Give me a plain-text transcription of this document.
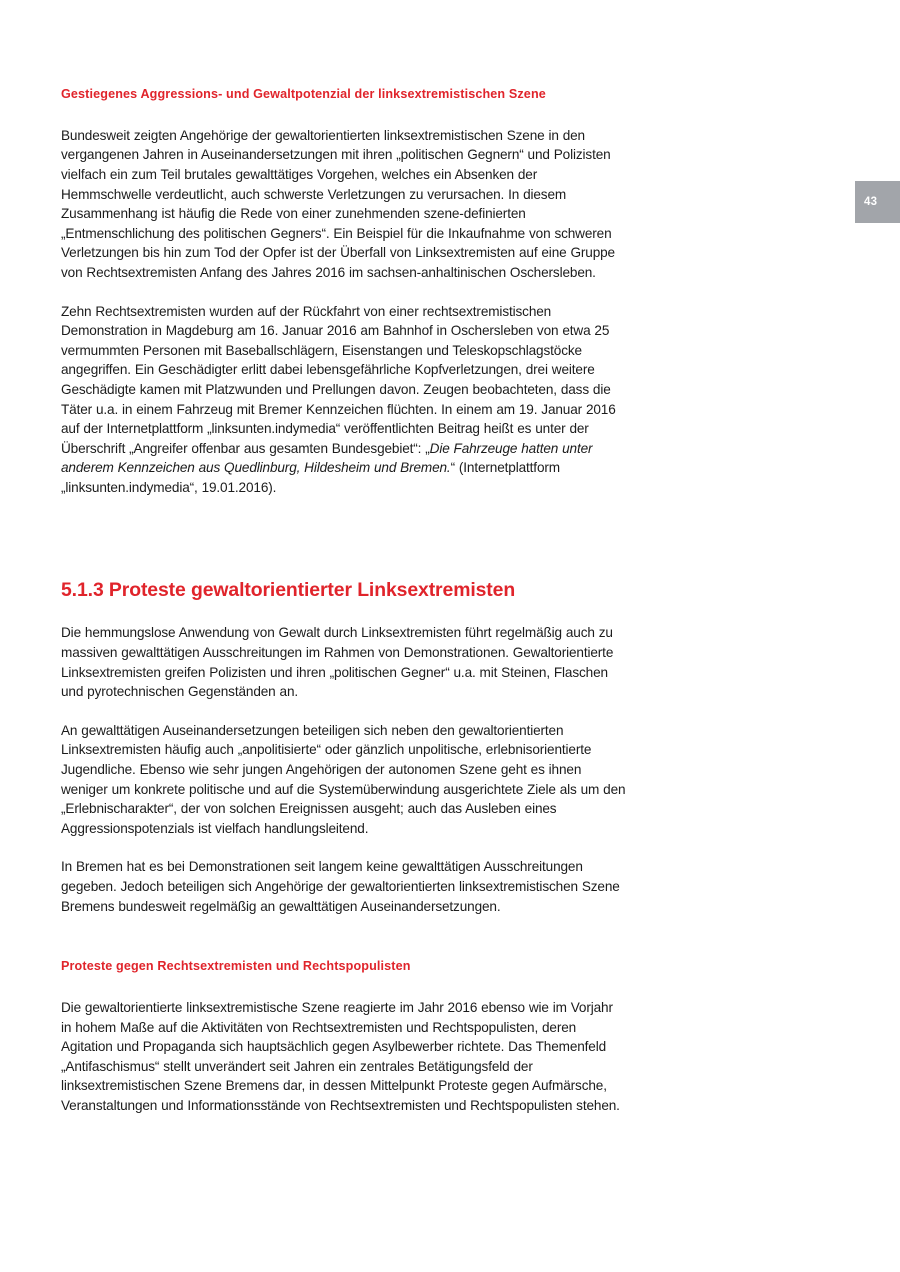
43
Gestiegenes Aggressions- und Gewaltpotenzial der linksextremistischen Szene

Bundesweit zeigten Angehörige der gewaltorientierten linksextremistischen Szene in den vergangenen Jahren in Auseinandersetzungen mit ihren „politischen Gegnern“ und Polizisten vielfach ein zum Teil brutales gewalttätiges Vorgehen, welches ein Absenken der Hemmschwelle verdeutlicht, auch schwerste Verletzungen zu verursachen. In diesem Zusammenhang ist häufig die Rede von einer zunehmenden szene-definierten „Entmenschlichung des politischen Gegners“. Ein Beispiel für die Inkaufnahme von schweren Verletzungen bis hin zum Tod der Opfer ist der Überfall von Linksextremisten auf eine Gruppe von Rechtsextremisten Anfang des Jahres 2016 im sachsen-anhaltinischen Oschersleben.

Zehn Rechtsextremisten wurden auf der Rückfahrt von einer rechtsextremistischen Demonstration in Magdeburg am 16. Januar 2016 am Bahnhof in Oschersleben von etwa 25 vermummten Personen mit Baseballschlägern, Eisenstangen und Teleskopschlagstöcke angegriffen. Ein Geschädigter erlitt dabei lebensgefährliche Kopfverletzungen, drei weitere Geschädigte kamen mit Platzwunden und Prellungen davon. Zeugen beobachteten, dass die Täter u.a. in einem Fahrzeug mit Bremer Kennzeichen flüchten. In einem am 19. Januar 2016 auf der Internetplattform „linksunten.indymedia“ veröffentlichten Beitrag heißt es unter der Überschrift „Angreifer offenbar aus gesamten Bundesgebiet“: „Die Fahrzeuge hatten unter anderem Kennzeichen aus Quedlinburg, Hildesheim und Bremen.“ (Internetplattform „linksunten.indymedia“, 19.01.2016).

5.1.3 Proteste gewaltorientierter Linksextremisten

Die hemmungslose Anwendung von Gewalt durch Linksextremisten führt regelmäßig auch zu massiven gewalttätigen Ausschreitungen im Rahmen von Demonstrationen. Gewaltorientierte Linksextremisten greifen Polizisten und ihren „politischen Gegner“ u.a. mit Steinen, Flaschen und pyrotechnischen Gegenständen an.

An gewalttätigen Auseinandersetzungen beteiligen sich neben den gewaltorientierten Linksextremisten häufig auch „anpolitisierte“ oder gänzlich unpolitische, erlebnisorientierte Jugendliche. Ebenso wie sehr jungen Angehörigen der autonomen Szene geht es ihnen weniger um konkrete politische und auf die Systemüberwindung ausgerichtete Ziele als um den „Erlebnischarakter“, der von solchen Ereignissen ausgeht; auch das Ausleben eines Aggressionspotenzials ist vielfach handlungsleitend.

In Bremen hat es bei Demonstrationen seit langem keine gewalttätigen Ausschreitungen gegeben. Jedoch beteiligen sich Angehörige der gewaltorientierten linksextremistischen Szene Bremens bundesweit regelmäßig an gewalttätigen Auseinandersetzungen.

Proteste gegen Rechtsextremisten und Rechtspopulisten

Die gewaltorientierte linksextremistische Szene reagierte im Jahr 2016 ebenso wie im Vorjahr in hohem Maße auf die Aktivitäten von Rechtsextremisten und Rechtspopulisten, deren Agitation und Propaganda sich hauptsächlich gegen Asylbewerber richtete. Das Themenfeld „Antifaschismus“ stellt unverändert seit Jahren ein zentrales Betätigungsfeld der linksextremistischen Szene Bremens dar, in dessen Mittelpunkt Proteste gegen Aufmärsche, Veranstaltungen und Informationsstände von Rechtsextremisten und Rechtspopulisten stehen.
